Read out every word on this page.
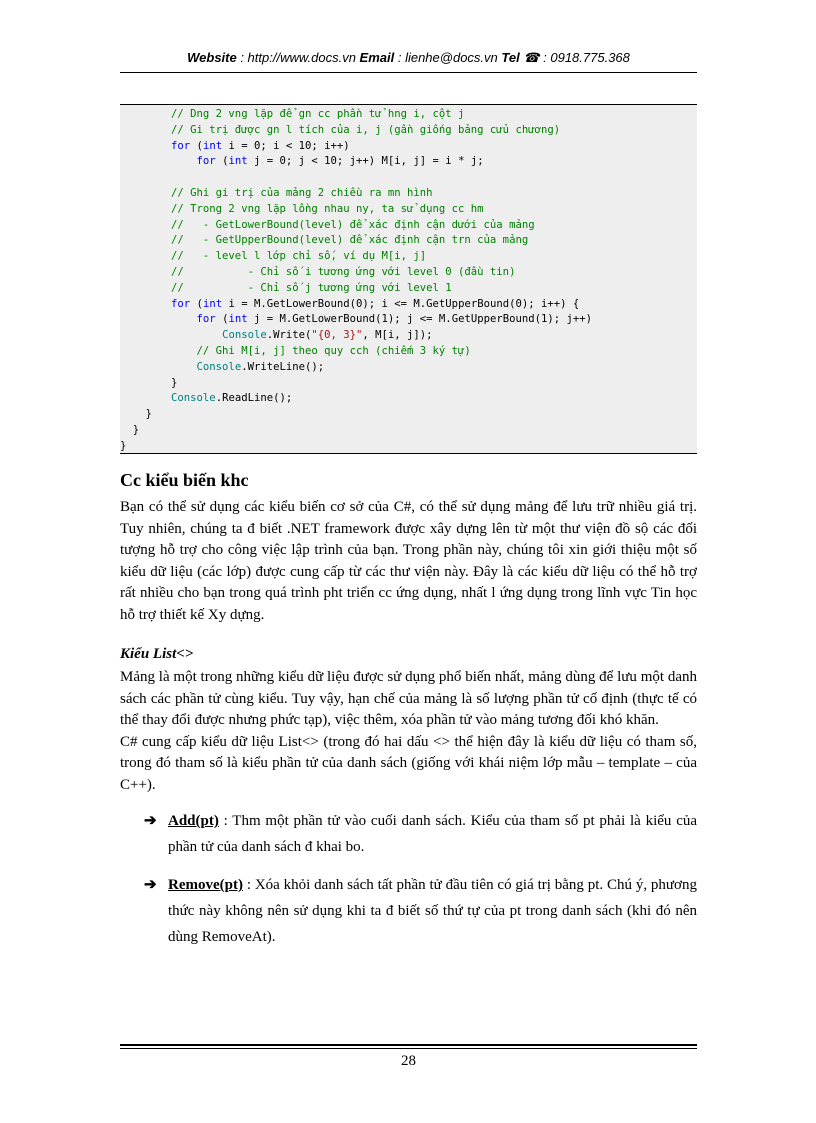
Website : http://www.docs.vn Email : lienhe@docs.vn Tel ☎ : 0918.775.368
// Dng 2 vng lặp để gn cc phần tử hng i, cột j
// Gi trị được gn l tích của i, j (gần giống bảng cửu chương)
for (int i = 0; i < 10; i++)
for (int j = 0; j < 10; j++) M[i, j] = i * j;
// Ghi gi trị của mảng 2 chiều ra mn hình
// Trong 2 vng lặp lồng nhau ny, ta sử dụng cc hm
//   - GetLowerBound(level) để xác định cận dưới của mảng
//   - GetUpperBound(level) để xác định cận trn của mảng
//   - level l lớp chỉ số, ví dụ M[i, j]
//          - Chỉ số i tương ứng với level 0 (đầu tin)
//          - Chỉ số j tương ứng với level 1
for (int i = M.GetLowerBound(0); i <= M.GetUpperBound(0); i++) {
for (int j = M.GetLowerBound(1); j <= M.GetUpperBound(1); j++)
Console.Write("{0, 3}", M[i, j]);
// Ghi M[i, j] theo quy cch (chiếm 3 ký tự)
Console.WriteLine();
}
Console.ReadLine();
}
}
}
Cc kiểu biến khc

Bạn có thể sử dụng các kiểu biến cơ sở của C#, có thể sử dụng mảng để lưu trữ nhiều giá trị. Tuy nhiên, chúng ta đ biết .NET framework được xây dựng lên từ một thư viện đồ sộ các đối tượng hỗ trợ cho công việc lập trình của bạn. Trong phần này, chúng tôi xin giới thiệu một số kiểu dữ liệu (các lớp) được cung cấp từ các thư viện này. Đây là các kiểu dữ liệu có thể hỗ trợ rất nhiều cho bạn trong quá trình pht triển cc ứng dụng, nhất l ứng dụng trong lĩnh vực Tin học hỗ trợ thiết kế Xy dựng.

Kiểu List<>

Mảng là một trong những kiểu dữ liệu được sử dụng phổ biến nhất, mảng dùng để lưu một danh sách các phần tử cùng kiểu. Tuy vậy, hạn chế của mảng là số lượng phần tử cố định (thực tế có thể thay đổi được nhưng phức tạp), việc thêm, xóa phần tử vào mảng tương đối khó khăn.

C# cung cấp kiểu dữ liệu List<> (trong đó hai dấu <> thể hiện đây là kiểu dữ liệu có tham số, trong đó tham số là kiểu phần tử của danh sách (giống với khái niệm lớp mẫu – template – của C++).

➔ Add(pt) : Thm một phần tử vào cuối danh sách. Kiểu của tham số pt phải là kiểu của phần tử của danh sách đ khai bo.
➔ Remove(pt) : Xóa khỏi danh sách tất phần tử đầu tiên có giá trị bằng pt. Chú ý, phương thức này không nên sử dụng khi ta đ biết số thứ tự của pt trong danh sách (khi đó nên dùng RemoveAt).
28
